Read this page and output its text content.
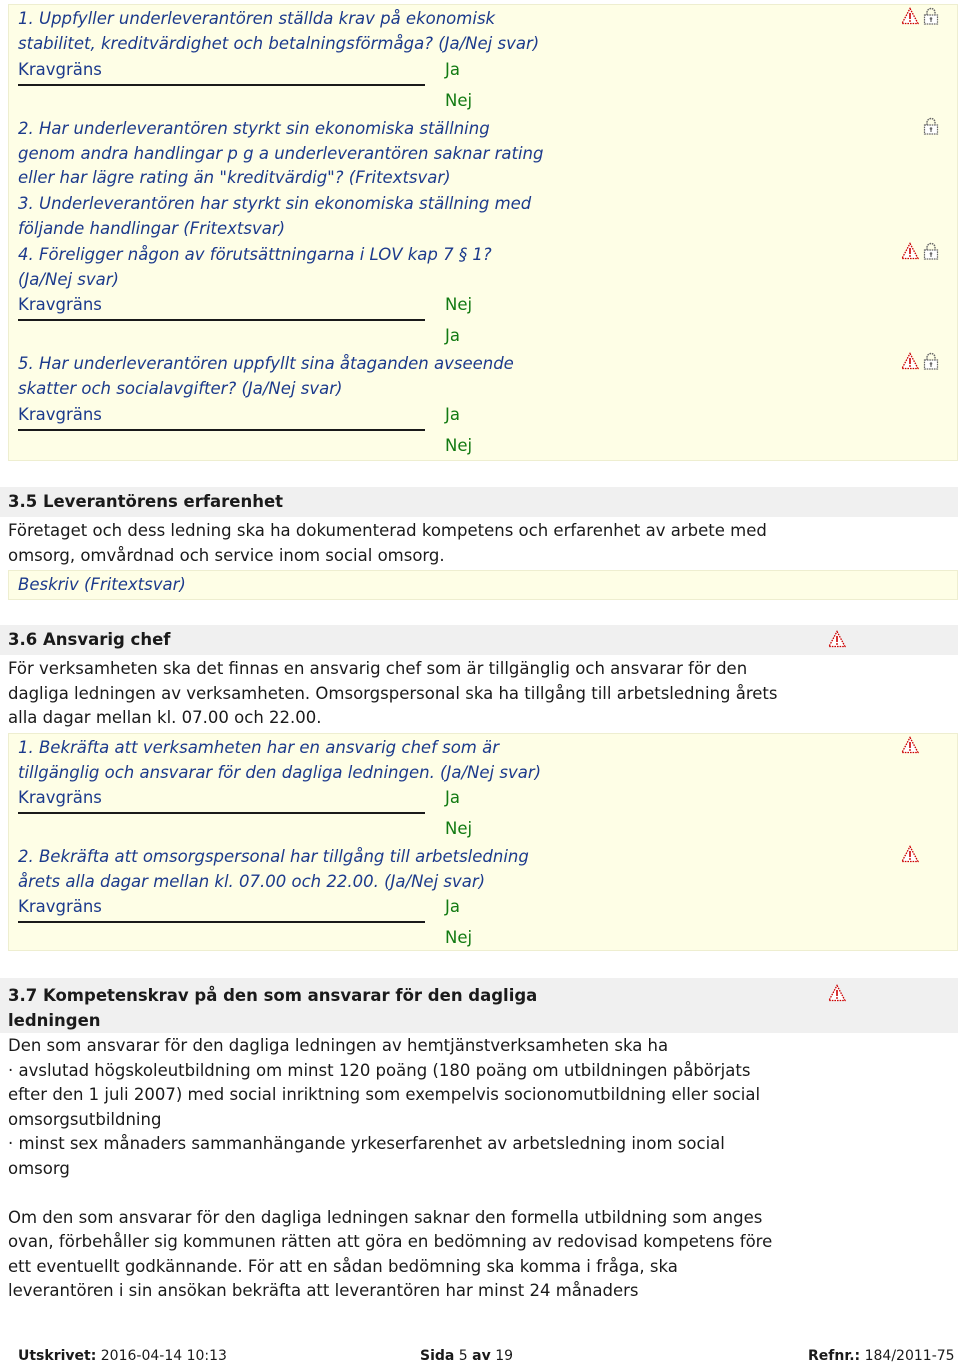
1. Uppfyller underleverantören ställda krav på ekonomisk
stabilitet, kreditvärdighet och betalningsförmåga? (Ja/Nej svar)
Kravgräns	Ja
Nej
2. Har underleverantören styrkt sin ekonomiska ställning
genom andra handlingar p g a underleverantören saknar rating
eller har lägre rating än "kreditvärdig"? (Fritextsvar)
3. Underleverantören har styrkt sin ekonomiska ställning med
följande handlingar (Fritextsvar)
4. Föreligger någon av förutsättningarna i LOV kap 7 § 1?
(Ja/Nej svar)
Kravgräns	Nej
Ja
5. Har underleverantören uppfyllt sina åtaganden avseende
skatter och socialavgifter? (Ja/Nej svar)
Kravgräns	Ja
Nej
3.5 Leverantörens erfarenhet
Företaget och dess ledning ska ha dokumenterad kompetens och erfarenhet av arbete med
omsorg, omvårdnad och service inom social omsorg.
Beskriv (Fritextsvar)
3.6 Ansvarig chef
För verksamheten ska det finnas en ansvarig chef som är tillgänglig och ansvarar för den
dagliga ledningen av verksamheten. Omsorgspersonal ska ha tillgång till arbetsledning årets
alla dagar mellan kl. 07.00 och 22.00.
1. Bekräfta att verksamheten har en ansvarig chef som är
tillgänglig och ansvarar för den dagliga ledningen. (Ja/Nej svar)
Kravgräns	Ja
Nej
2. Bekräfta att omsorgspersonal har tillgång till arbetsledning
årets alla dagar mellan kl. 07.00 och 22.00. (Ja/Nej svar)
Kravgräns	Ja
Nej
3.7 Kompetenskrav på den som ansvarar för den dagliga
ledningen
Den som ansvarar för den dagliga ledningen av hemtjänstverksamheten ska ha
· avslutad högskoleutbildning om minst 120 poäng (180 poäng om utbildningen påbörjats
efter den 1 juli 2007) med social inriktning som exempelvis socionomutbildning eller social
omsorgsutbildning
· minst sex månaders sammanhängande yrkeserfarenhet av arbetsledning inom social
omsorg
Om den som ansvarar för den dagliga ledningen saknar den formella utbildning som anges
ovan, förbehåller sig kommunen rätten att göra en bedömning av redovisad kompetens före
ett eventuellt godkännande. För att en sådan bedömning ska komma i fråga, ska
leverantören i sin ansökan bekräfta att leverantören har minst 24 månaders
Utskrivet: 2016-04-14 10:13	Sida 5 av 19	Refnr.: 184/2011-75
